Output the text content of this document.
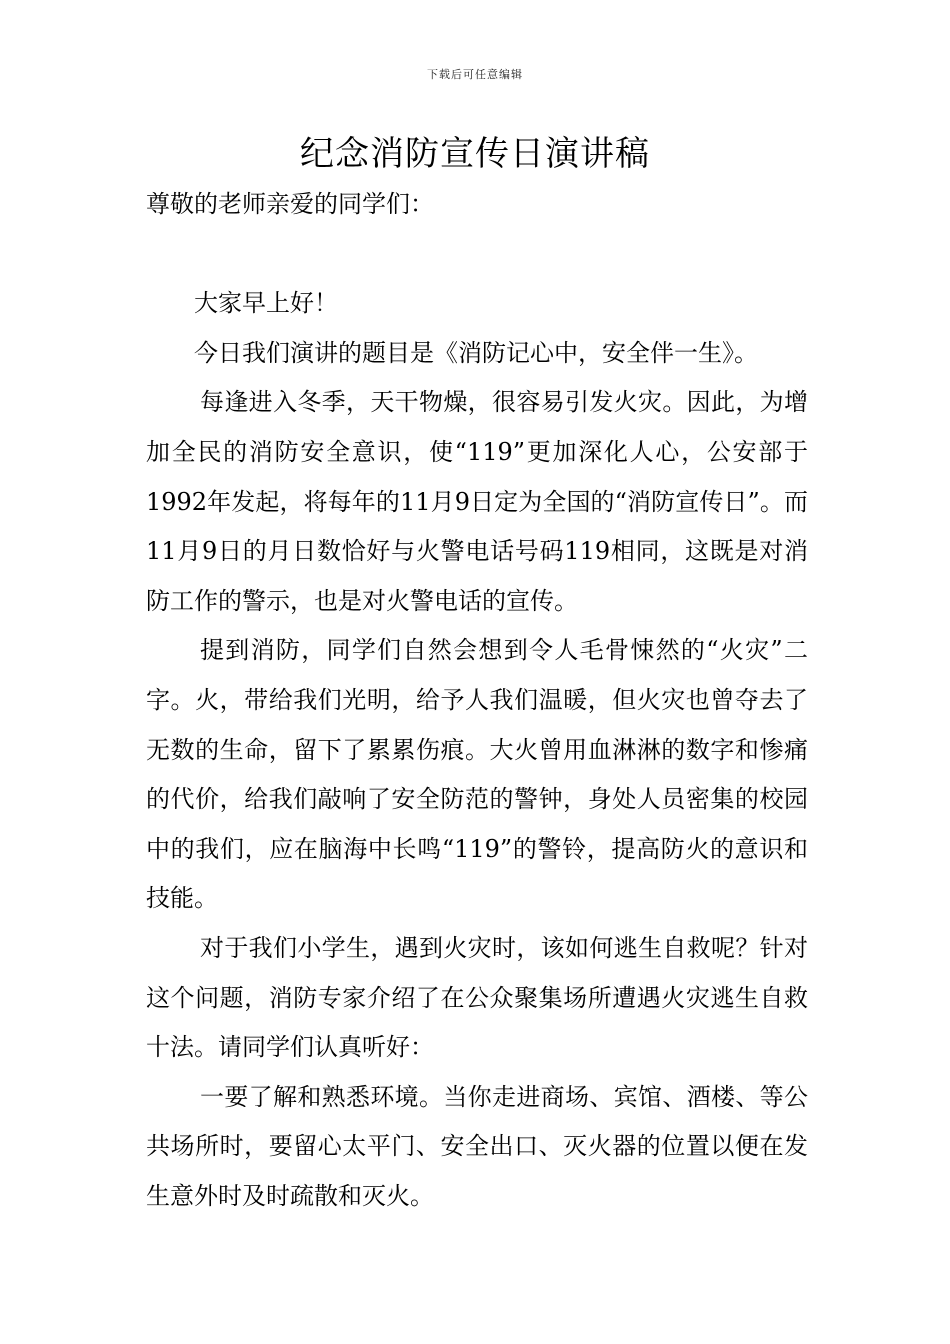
下载后可任意编辑
纪念消防宣传日演讲稿

尊敬的老师亲爱的同学们：

大家早上好！

今日我们演讲的题目是《消防记心中，安全伴一生》。

每逢进入冬季，天干物燥，很容易引发火灾。因此，为增加全民的消防安全意识，使“119”更加深化人心，公安部于1992年发起，将每年的11月9日定为全国的“消防宣传日”。而11月9日的月日数恰好与火警电话号码119相同，这既是对消防工作的警示，也是对火警电话的宣传。

提到消防，同学们自然会想到令人毛骨悚然的“火灾”二字。火，带给我们光明，给予人我们温暖，但火灾也曾夺去了无数的生命，留下了累累伤痕。大火曾用血淋淋的数字和惨痛的代价，给我们敲响了安全防范的警钟，身处人员密集的校园中的我们，应在脑海中长鸣“119”的警铃，提高防火的意识和技能。

对于我们小学生，遇到火灾时，该如何逃生自救呢？针对这个问题，消防专家介绍了在公众聚集场所遭遇火灾逃生自救十法。请同学们认真听好：

一要了解和熟悉环境。当你走进商场、宾馆、酒楼、等公共场所时，要留心太平门、安全出口、灭火器的位置以便在发生意外时及时疏散和灭火。
